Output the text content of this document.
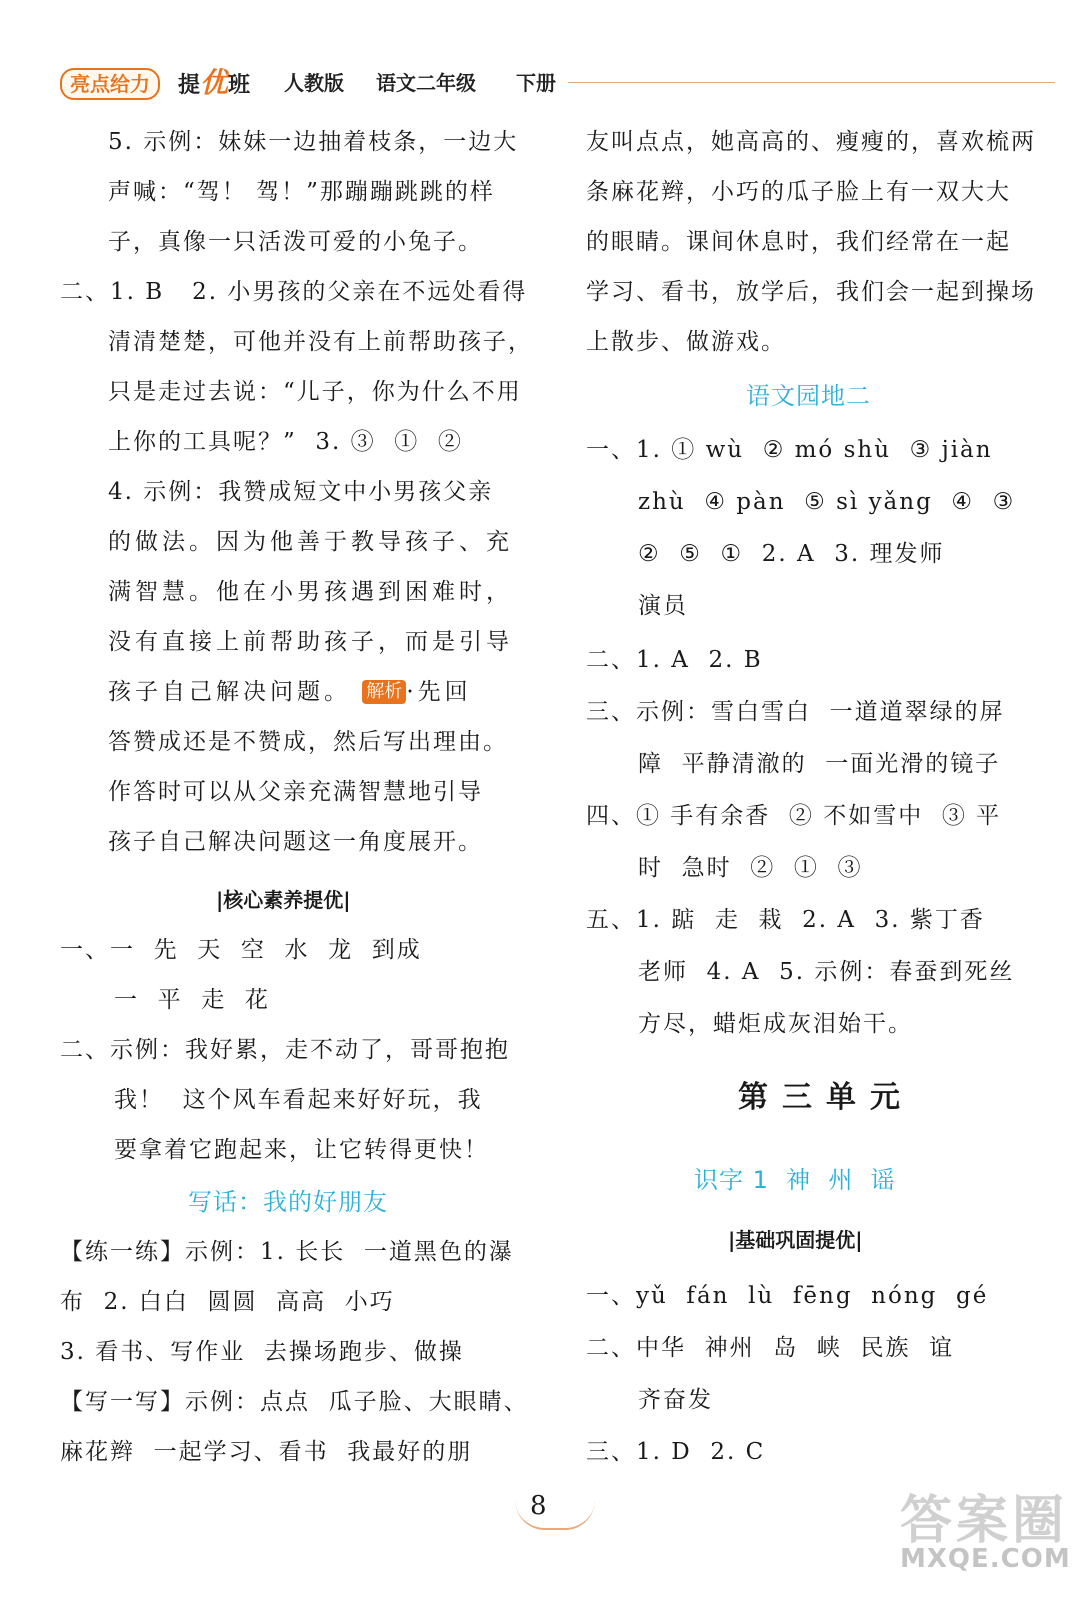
亮点给力	提优班 人教版 语文二年级 下册
5. 示例：妹妹一边抽着枝条，一边大
声喊：“驾！ 驾！”那蹦蹦跳跳的样
子，真像一只活泼可爱的小兔子。
二、1. B   2. 小男孩的父亲在不远处看得
清清楚楚，可他并没有上前帮助孩子，
只是走过去说：“儿子，你为什么不用
上你的工具呢？”  3. ③  ①  ②
4. 示例：我赞成短文中小男孩父亲
的做法。因为他善于教导孩子、充
满智慧。他在小男孩遇到困难时，
没有直接上前帮助孩子，而是引导
孩子自己解决问题。 解析 ·先回
答赞成还是不赞成，然后写出理由。
作答时可以从父亲充满智慧地引导
孩子自己解决问题这一角度展开。
|核心素养提优|
一、一  先  天  空  水  龙  到成
一  平  走  花
二、示例：我好累，走不动了，哥哥抱抱
我！  这个风车看起来好好玩，我
要拿着它跑起来，让它转得更快！
写话：我的好朋友
【练一练】示例：1. 长长  一道黑色的瀑
布  2. 白白  圆圆  高高  小巧
3. 看书、写作业  去操场跑步、做操
【写一写】示例：点点  瓜子脸、大眼睛、
麻花辫  一起学习、看书  我最好的朋
友叫点点，她高高的、瘦瘦的，喜欢梳两
条麻花辫，小巧的瓜子脸上有一双大大
的眼睛。课间休息时，我们经常在一起
学习、看书，放学后，我们会一起到操场
上散步、做游戏。
语文园地二
一、1. ① wù  ② mó shù  ③ jiàn
zhù  ④ pàn  ⑤ sì yǎng  ④  ③
②  ⑤  ①  2. A  3. 理发师
演员
二、1. A  2. B
三、示例：雪白雪白  一道道翠绿的屏
障  平静清澈的  一面光滑的镜子
四、① 手有余香  ② 不如雪中  ③ 平
时  急时  ②  ①  ③
五、1. 踮  走  栽  2. A  3. 紫丁香
老师  4. A  5. 示例：春蚕到死丝
方尽，蜡炬成灰泪始干。
第三单元
识字 1  神  州  谣
|基础巩固提优|
一、yǔ  fán  lù  fēng  nóng  gé
二、中华  神州  岛  峡  民族  谊
齐奋发
三、1. D  2. C
8	答案圈
MXQE.COM
